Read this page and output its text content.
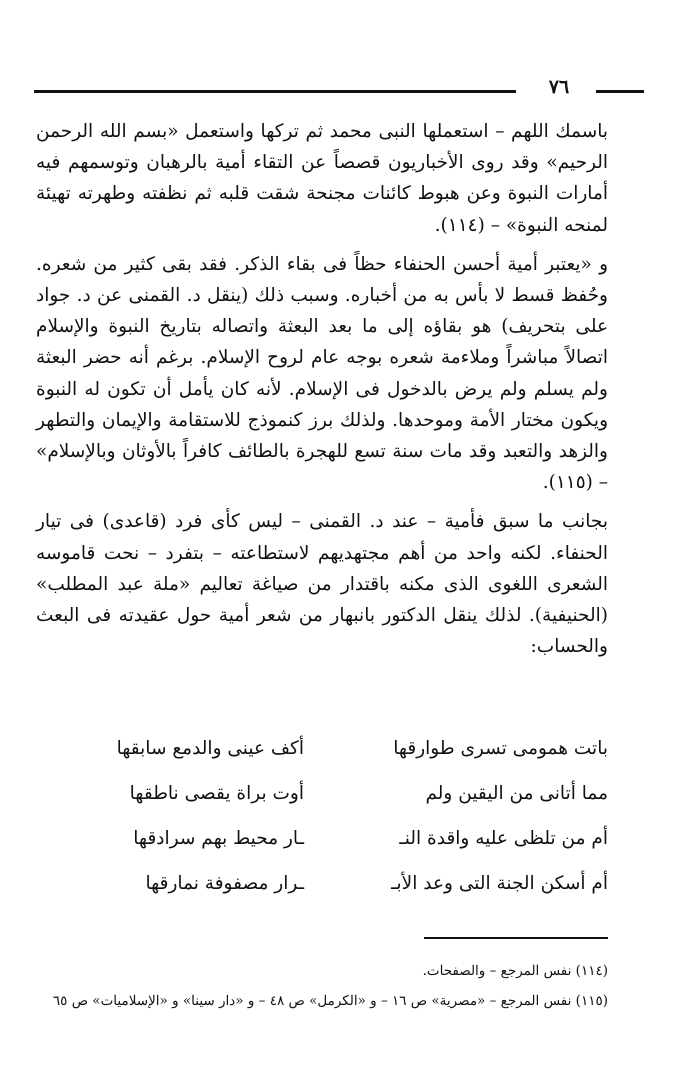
٧٦

باسمك اللهم – استعملها النبى محمد ثم تركها واستعمل «بسم الله الرحمن الرحيم» وقد روى الأخباريون قصصاً عن التقاء أمية بالرهبان وتوسمهم فيه أمارات النبوة وعن هبوط كائنات مجنحة شقت قلبه ثم نظفته وطهرته تهيئة لمنحه النبوة» – (١١٤).

و «يعتبر أمية أحسن الحنفاء حظاً فى بقاء الذكر. فقد بقى كثير من شعره. وحُفظ قسط لا بأس به من أخباره. وسبب ذلك (ينقل د. القمنى عن د. جواد على بتحريف) هو بقاؤه إلى ما بعد البعثة واتصاله بتاريخ النبوة والإسلام اتصالاً مباشراً وملاءمة شعره بوجه عام لروح الإسلام. برغم أنه حضر البعثة ولم يسلم ولم يرض بالدخول فى الإسلام. لأنه كان يأمل أن تكون له النبوة ويكون مختار الأمة وموحدها. ولذلك برز كنموذج للاستقامة والإيمان والتطهر والزهد والتعبد وقد مات سنة تسع للهجرة بالطائف كافراً بالأوثان وبالإسلام» – (١١٥).

بجانب ما سبق فأمية – عند د. القمنى – ليس كأى فرد (قاعدى) فى تيار الحنفاء. لكنه واحد من أهم مجتهديهم لاستطاعته – بتفرد – نحت قاموسه الشعرى اللغوى الذى مكنه باقتدار من صياغة تعاليم «ملة عبد المطلب» (الحنيفية). لذلك ينقل الدكتور بانبهار من شعر أمية حول عقيدته فى البعث والحساب:

باتت همومى تسرى طوارقها
أكف عينى والدمع سابقها
مما أتانى من اليقين ولم
أوت براة يقصى ناطقها
أم من تلظى عليه واقدة النـ
ـار محيط بهم سرادقها
أم أسكن الجنة التى وعد الأبـ
ـرار مصفوفة نمارقها
(١١٤) نفس المرجع – والصفحات.
(١١٥) نفس المرجع – «مصرية» ص ١٦ – و «الكرمل» ص ٤٨ – و «دار سينا» و «الإسلاميات» ص ٦٥
